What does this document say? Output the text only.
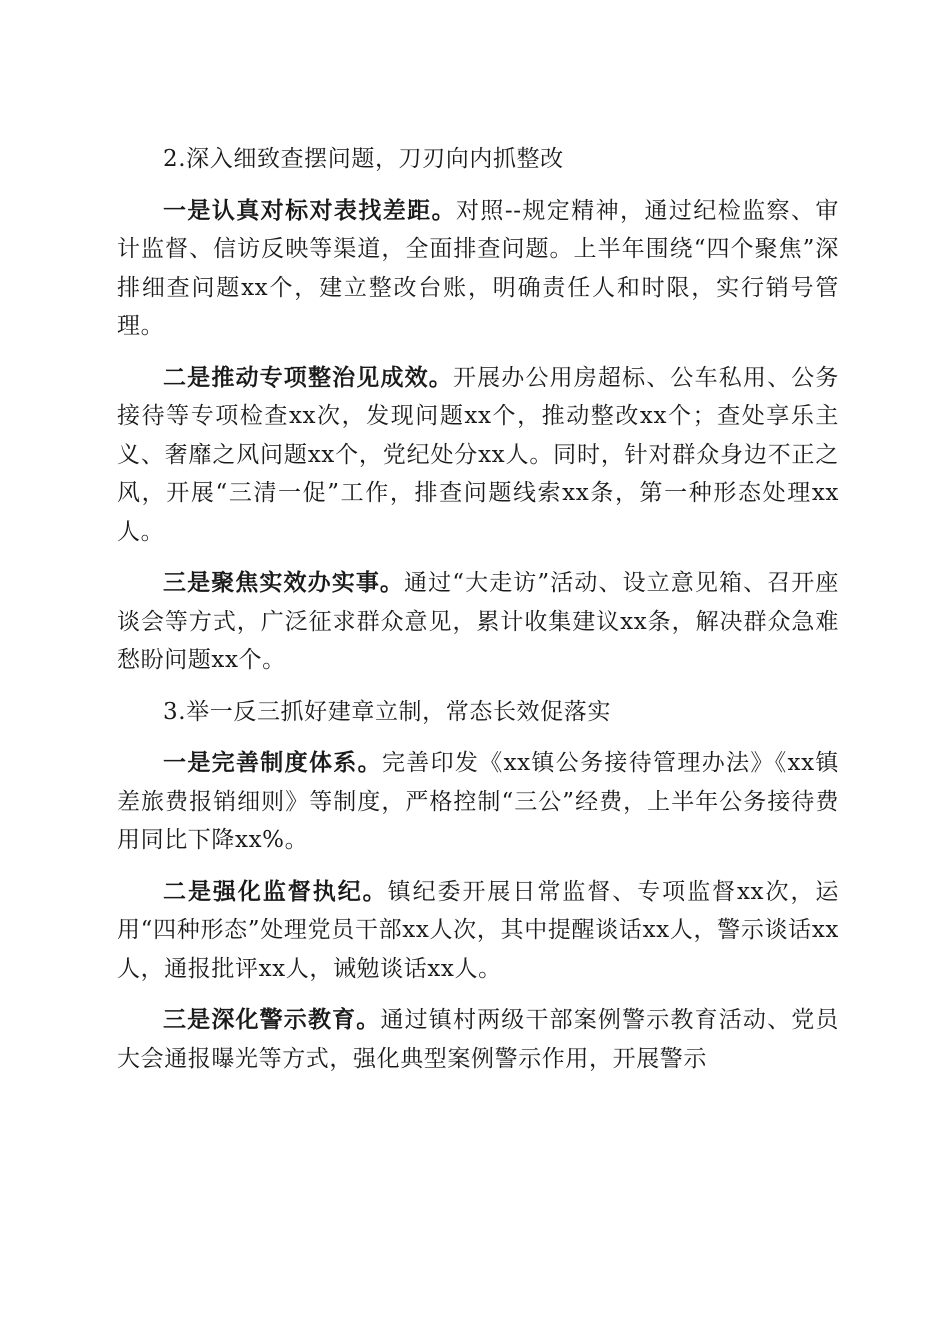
2.深入细致查摆问题，刀刃向内抓整改

一是认真对标对表找差距。对照--规定精神，通过纪检监察、审计监督、信访反映等渠道，全面排查问题。上半年围绕“四个聚焦”深排细查问题xx个，建立整改台账，明确责任人和时限，实行销号管理。

二是推动专项整治见成效。开展办公用房超标、公车私用、公务接待等专项检查xx次，发现问题xx个，推动整改xx个；查处享乐主义、奢靡之风问题xx个，党纪处分xx人。同时，针对群众身边不正之风，开展“三清一促”工作，排查问题线索xx条，第一种形态处理xx人。

三是聚焦实效办实事。通过“大走访”活动、设立意见箱、召开座谈会等方式，广泛征求群众意见，累计收集建议xx条，解决群众急难愁盼问题xx个。

3.举一反三抓好建章立制，常态长效促落实

一是完善制度体系。完善印发《xx镇公务接待管理办法》《xx镇差旅费报销细则》等制度，严格控制“三公”经费，上半年公务接待费用同比下降xx%。

二是强化监督执纪。镇纪委开展日常监督、专项监督xx次，运用“四种形态”处理党员干部xx人次，其中提醒谈话xx人，警示谈话xx人，通报批评xx人，诫勉谈话xx人。

三是深化警示教育。通过镇村两级干部案例警示教育活动、党员大会通报曝光等方式，强化典型案例警示作用，开展警示
